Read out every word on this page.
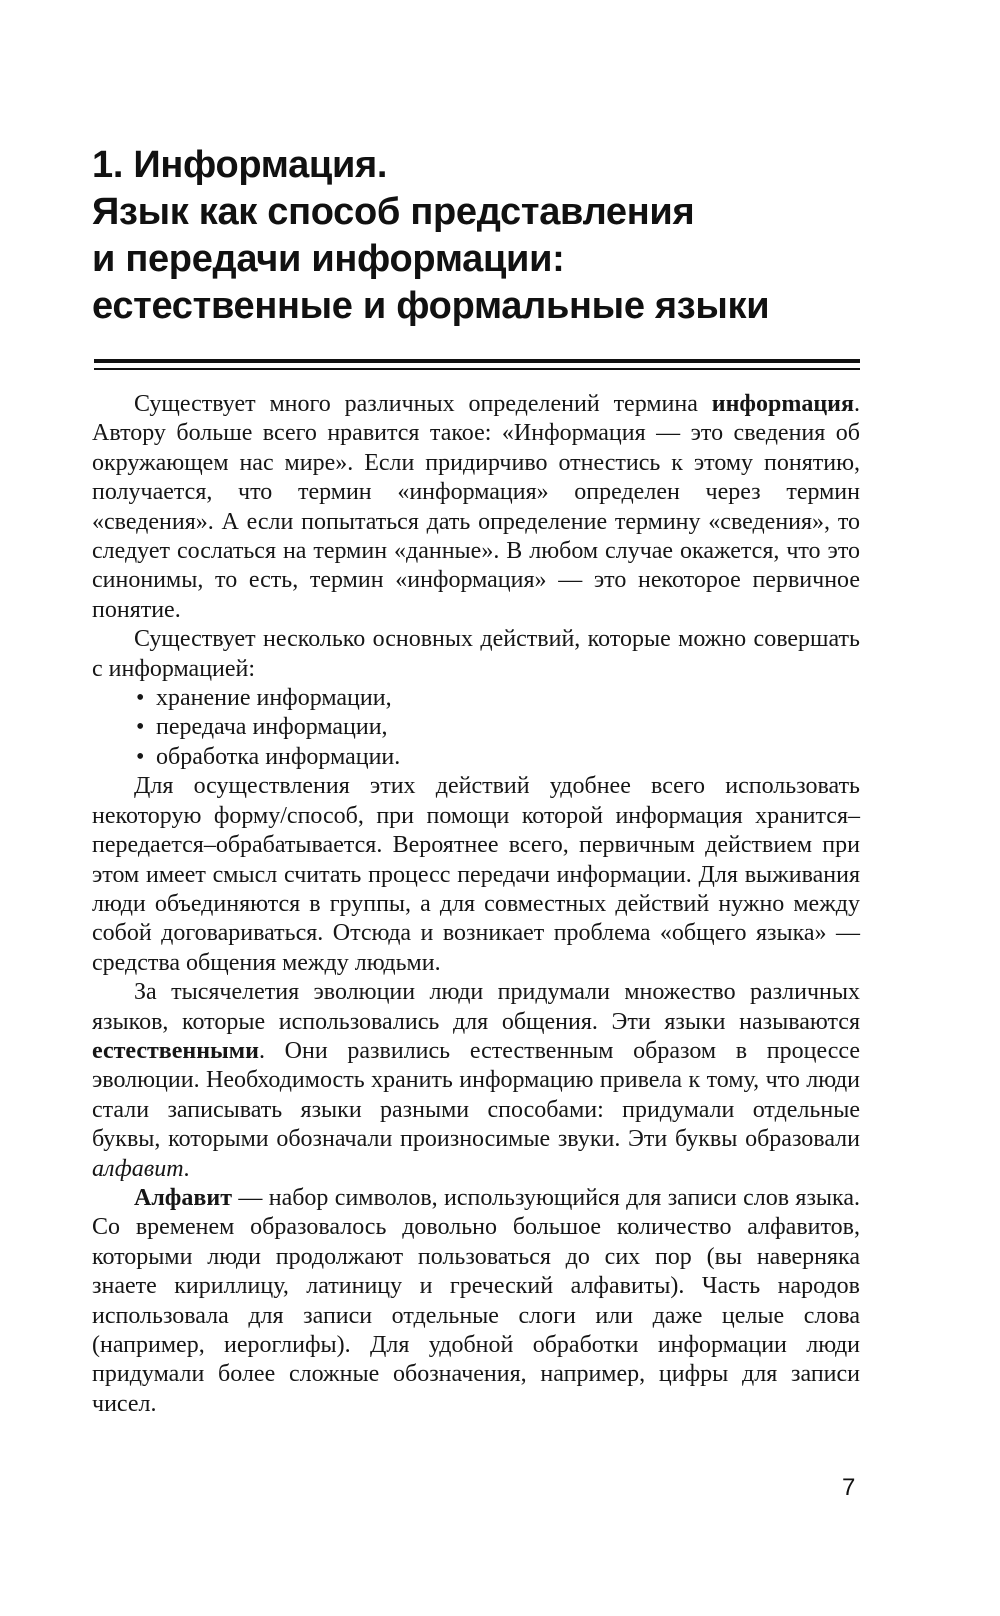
1. Информация.
Язык как способ представления
и передачи информации:
естественные и формальные языки

Существует много различных определений термина инфорmация. Автору больше всего нравится такое: «Информация — это сведения об окружающем нас мире». Если придирчиво отнестись к этому понятию, получается, что термин «информация» определен через термин «сведения». А если попытаться дать определение термину «сведения», то следует сослаться на термин «данные». В любом случае окажется, что это синонимы, то есть, термин «информация» — это некоторое первичное понятие.

Существует несколько основных действий, которые можно совершать с информацией:

• хранение информации,
• передача информации,
• обработка информации.

Для осуществления этих действий удобнее всего использовать некоторую форму/способ, при помощи которой информация хранится–передается–обрабатывается. Вероятнее всего, первичным действием при этом имеет смысл считать процесс передачи информации. Для выживания люди объединяются в группы, а для совместных действий нужно между собой договариваться. Отсюда и возникает проблема «общего языка» — средства общения между людьми.

За тысячелетия эволюции люди придумали множество различных языков, которые использовались для общения. Эти языки называются естественными. Они развились естественным образом в процессе эволюции. Необходимость хранить информацию привела к тому, что люди стали записывать языки разными способами: придумали отдельные буквы, которыми обозначали произносимые звуки. Эти буквы образовали алфавит.

Алфавит — набор символов, использующийся для записи слов языка. Со временем образовалось довольно большое количество алфавитов, которыми люди продолжают пользоваться до сих пор (вы наверняка знаете кириллицу, латиницу и греческий алфавиты). Часть народов использовала для записи отдельные слоги или даже целые слова (например, иероглифы). Для удобной обработки информации люди придумали более сложные обозначения, например, цифры для записи чисел.

7
